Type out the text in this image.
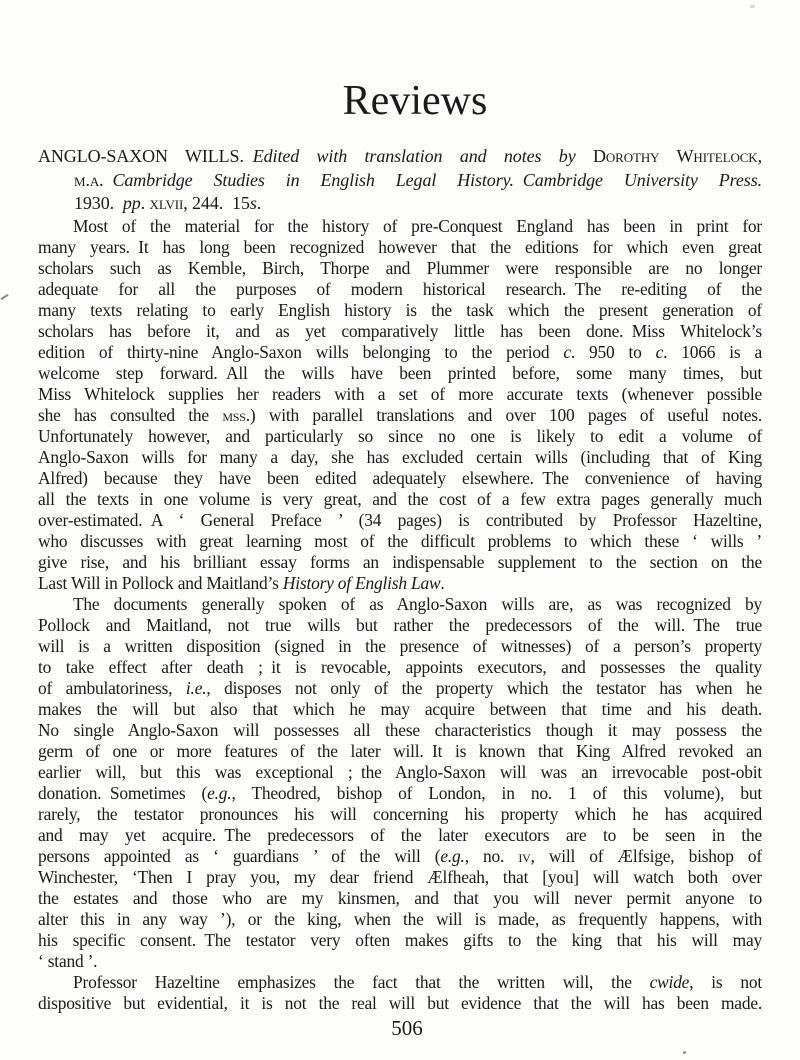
Reviews
ANGLO-SAXON WILLS. Edited with translation and notes by Dorothy Whitelock,
m.a.  Cambridge Studies in English Legal History. Cambridge University Press.
1930. pp. xlvii, 244. 15s.
Most of the material for the history of pre-Conquest England has been in print for
many years. It has long been recognized however that the editions for which even great
scholars such as Kemble, Birch, Thorpe and Plummer were responsible are no longer
adequate for all the purposes of modern historical research. The re-editing of the
many texts relating to early English history is the task which the present generation of
scholars has before it, and as yet comparatively little has been done. Miss Whitelock’s
edition of thirty-nine Anglo-Saxon wills belonging to the period c. 950 to c. 1066 is a
welcome step forward. All the wills have been printed before, some many times, but
Miss Whitelock supplies her readers with a set of more accurate texts (whenever possible
she has consulted the mss.) with parallel translations and over 100 pages of useful notes.
Unfortunately however, and particularly so since no one is likely to edit a volume of
Anglo-Saxon wills for many a day, she has excluded certain wills (including that of King
Alfred) because they have been edited adequately elsewhere. The convenience of having
all the texts in one volume is very great, and the cost of a few extra pages generally much
over-estimated. A ‘ General Preface ’ (34 pages) is contributed by Professor Hazeltine,
who discusses with great learning most of the difficult problems to which these ‘ wills ’
give rise, and his brilliant essay forms an indispensable supplement to the section on the
Last Will in Pollock and Maitland’s History of English Law.
The documents generally spoken of as Anglo-Saxon wills are, as was recognized by
Pollock and Maitland, not true wills but rather the predecessors of the will. The true
will is a written disposition (signed in the presence of witnesses) of a person’s property
to take effect after death ; it is revocable, appoints executors, and possesses the quality
of ambulatoriness, i.e., disposes not only of the property which the testator has when he
makes the will but also that which he may acquire between that time and his death.
No single Anglo-Saxon will possesses all these characteristics though it may possess the
germ of one or more features of the later will. It is known that King Alfred revoked an
earlier will, but this was exceptional ; the Anglo-Saxon will was an irrevocable post-obit
donation. Sometimes (e.g., Theodred, bishop of London, in no. 1 of this volume), but
rarely, the testator pronounces his will concerning his property which he has acquired
and may yet acquire. The predecessors of the later executors are to be seen in the
persons appointed as ‘ guardians ’ of the will (e.g., no. iv, will of Ælfsige, bishop of
Winchester, ‘Then I pray you, my dear friend Ælfheah, that [you] will watch both over
the estates and those who are my kinsmen, and that you will never permit anyone to
alter this in any way ’), or the king, when the will is made, as frequently happens, with
his specific consent. The testator very often makes gifts to the king that his will may
‘ stand ’.
Professor Hazeltine emphasizes the fact that the written will, the cwide, is not
dispositive but evidential, it is not the real will but evidence that the will has been made.
506
